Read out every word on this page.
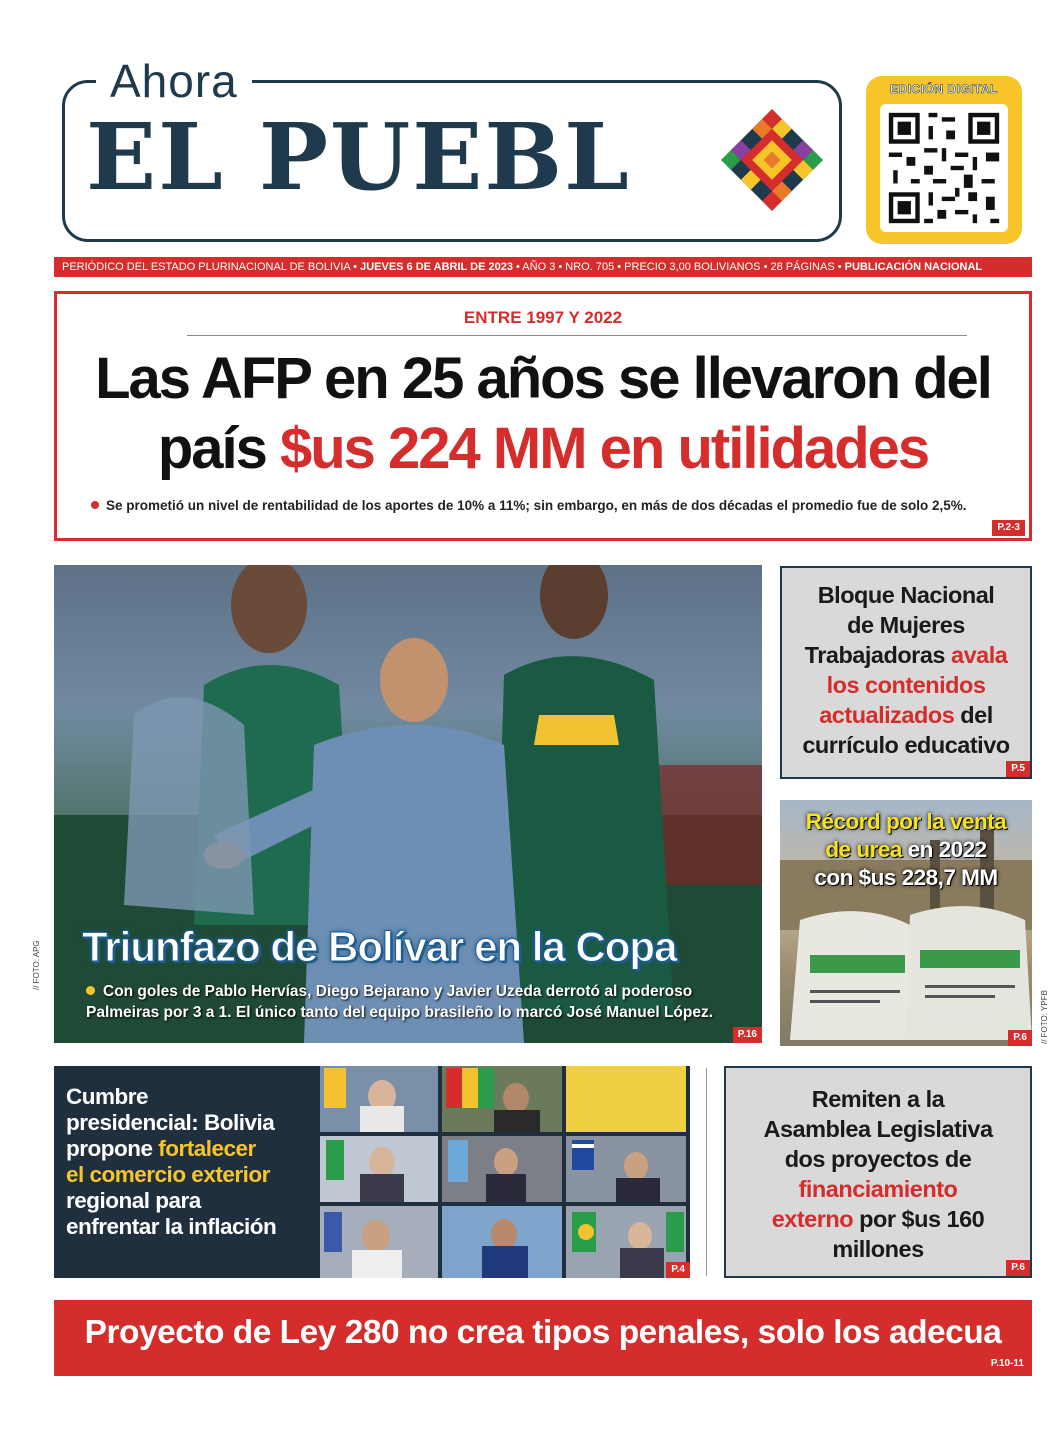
Ahora
EL PUEBL
EDICIÓN DIGITAL
PERIÓDICO DEL ESTADO PLURINACIONAL DE BOLIVIA • JUEVES 6 DE ABRIL DE 2023 • AÑO 3 • NRO. 705 • PRECIO 3,00 BOLIVIANOS • 28 PÁGINAS • PUBLICACIÓN NACIONAL
ENTRE 1997 Y 2022
Las AFP en 25 años se llevaron del
país $us 224 MM en utilidades
Se prometió un nivel de rentabilidad de los aportes de 10% a 11%; sin embargo, en más de dos décadas el promedio fue de solo 2,5%.
P.2-3
Triunfazo de Bolívar en la Copa
Con goles de Pablo Hervías, Diego Bejarano y Javier Uzeda derrotó al poderoso Palmeiras por 3 a 1. El único tanto del equipo brasileño lo marcó José Manuel López.
P.16
// FOTO: APG
Bloque Nacional
de Mujeres
Trabajadoras avala
los contenidos
actualizados del
currículo educativo
P.5
Récord por la venta
de urea en 2022
con $us 228,7 MM
P.6	// FOTO: YPFB
Cumbre
presidencial: Bolivia
propone fortalecer
el comercio exterior
regional para
enfrentar la inflación
P.4
Remiten a la
Asamblea Legislativa
dos proyectos de
financiamiento
externo por $us 160
millones
P.6
Proyecto de Ley 280 no crea tipos penales, solo los adecua
P.10-11
